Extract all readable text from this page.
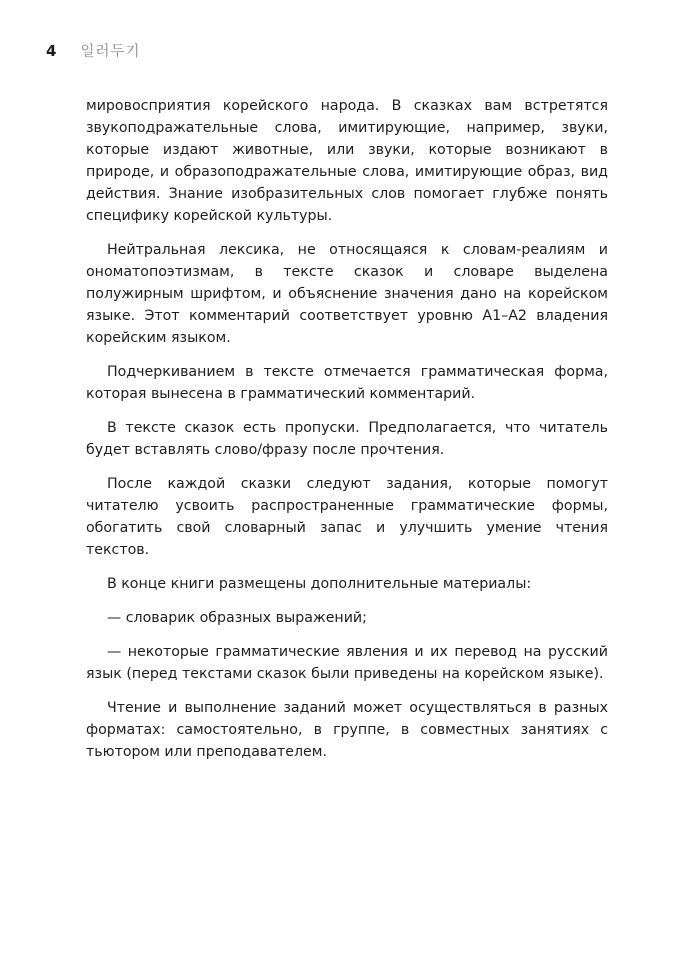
4 일러두기

мировосприятия корейского народа. В сказках вам встретятся звукоподражательные слова, имитирующие, например, звуки, которые издают животные, или звуки, которые возникают в природе, и образоподражательные слова, имитирующие образ, вид действия. Знание изобразительных слов помогает глубже понять специфику корейской культуры.

Нейтральная лексика, не относящаяся к словам-реалиям и ономатопоэтизмам, в тексте сказок и словаре выделена полужирным шрифтом, и объяснение значения дано на корейском языке. Этот комментарий соответствует уровню А1–А2 владения корейским языком.

Подчеркиванием в тексте отмечается грамматическая форма, которая вынесена в грамматический комментарий.

В тексте сказок есть пропуски. Предполагается, что читатель будет вставлять слово/фразу после прочтения.

После каждой сказки следуют задания, которые помогут читателю усвоить распространенные грамматические формы, обогатить свой словарный запас и улучшить умение чтения текстов.

В конце книги размещены дополнительные материалы:

— словарик образных выражений;

— некоторые грамматические явления и их перевод на русский язык (перед текстами сказок были приведены на корейском языке).

Чтение и выполнение заданий может осуществляться в разных форматах: самостоятельно, в группе, в совместных занятиях с тьютором или преподавателем.
